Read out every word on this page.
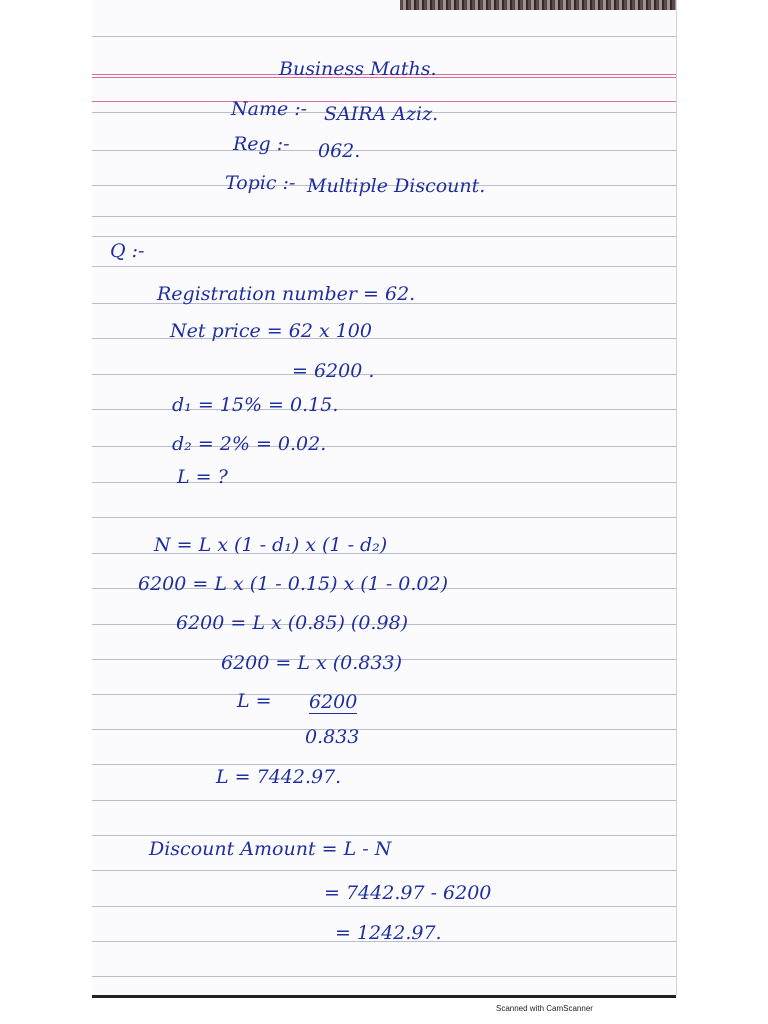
Business Maths.
Name :- SAIRA Aziz.
Reg :- 062.
Topic :- Multiple Discount.
Q :-
Registration number = 62.
Net price = 62 x 100
= 6200 .
d₁ = 15% = 0.15.
d₂ = 2% = 0.02.
L = ?
N = L x (1 - d₁) x (1 - d₂)
6200 = L x (1 - 0.15) x (1 - 0.02)
6200 = L x (0.85) (0.98)
6200 = L x (0.833)
L = 6200
0.833
L = 7442.97.
Discount Amount = L - N
= 7442.97 - 6200
= 1242.97.
Scanned with CamScanner
